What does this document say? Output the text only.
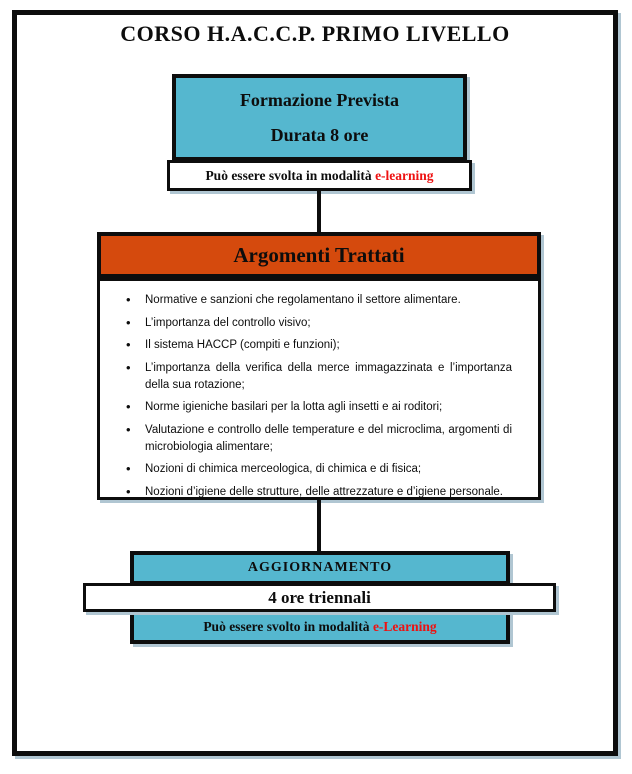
CORSO H.A.C.C.P. PRIMO LIVELLO
Formazione Prevista
Durata 8 ore
Può essere svolta in modalità e-learning
Argomenti Trattati
• Normative e sanzioni che regolamentano il settore alimentare.
• L’importanza del controllo visivo;
• Il sistema HACCP (compiti e funzioni);
• L’importanza della verifica della merce immagazzinata e l’importanza della sua rotazione;
• Norme igieniche basilari per la lotta agli insetti e ai roditori;
• Valutazione e controllo delle temperature e del microclima, argomenti di microbiologia alimentare;
• Nozioni di chimica merceologica, di chimica e di fisica;
• Nozioni d’igiene delle strutture, delle attrezzature e d’igiene personale.
AGGIORNAMENTO
4 ore triennali
Può essere svolto in modalità e-Learning
